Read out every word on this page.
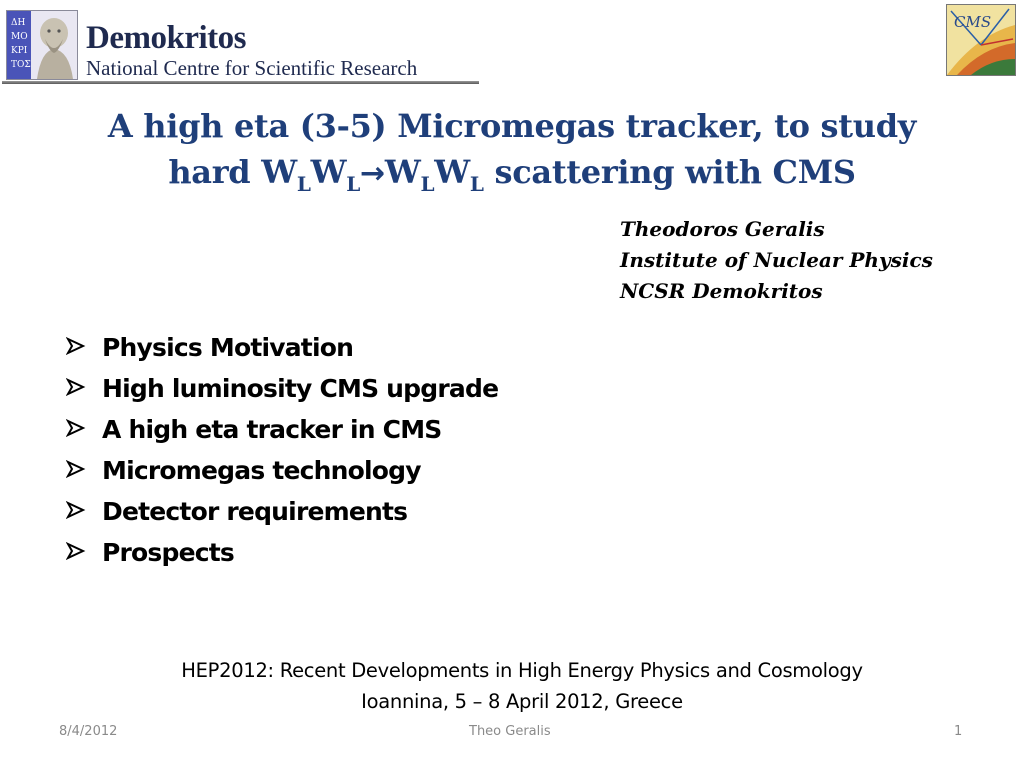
ΔΗ
ΜΟ
ΚΡΙ
ΤΟΣ
Demokritos
National Centre for Scientific Research
CMS
A high eta (3-5) Micromegas tracker, to study
hard $W_LW_L\to W_LW_L$ scattering with CMS
Theodoros Geralis
Institute of Nuclear Physics
NCSR Demokritos
Physics Motivation
High luminosity CMS upgrade
A high eta tracker in CMS
Micromegas technology
Detector requirements
Prospects
HEP2012: Recent Developments in High Energy Physics and Cosmology
Ioannina, 5 – 8 April 2012, Greece
8/4/2012	Theo Geralis	1
